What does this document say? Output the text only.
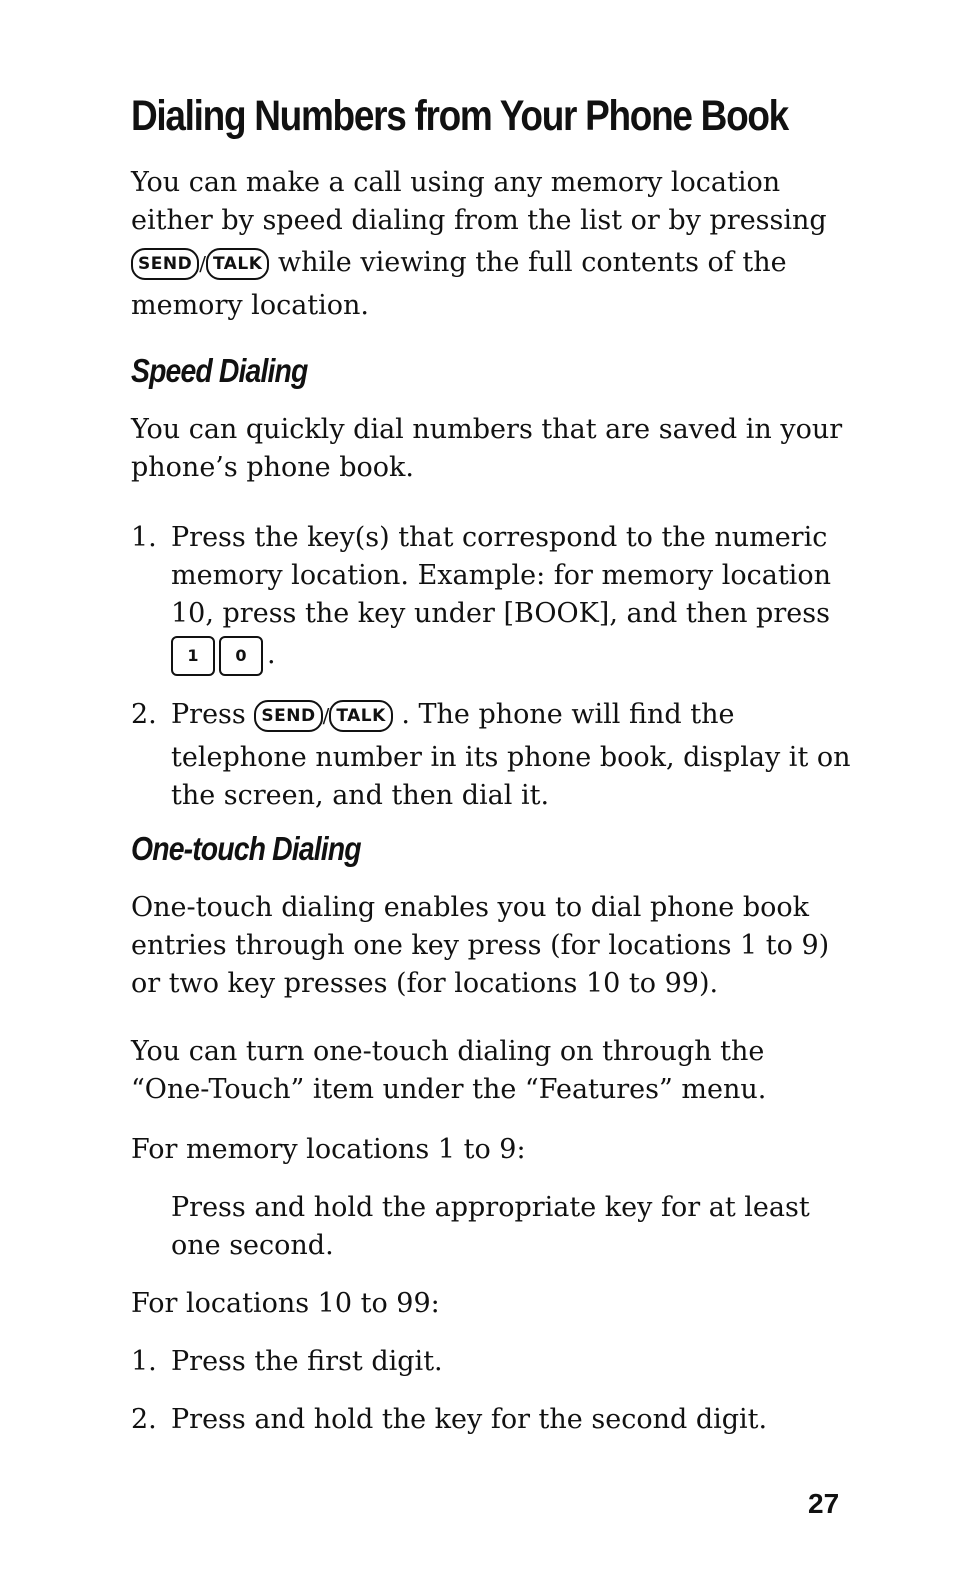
Dialing Numbers from Your Phone Book

You can make a call using any memory location

either by speed dialing from the list or by pressing

SEND / TALK while viewing the full contents of the

memory location.

Speed Dialing

You can quickly dial numbers that are saved in your

phone’s phone book.

1. Press the key(s) that correspond to the numeric

memory location. Example: for memory location

10, press the key under [BOOK], and then press

1 0 .

2. Press SEND / TALK . The phone will find the

telephone number in its phone book, display it on

the screen, and then dial it.

One-touch Dialing

One-touch dialing enables you to dial phone book

entries through one key press (for locations 1 to 9)

or two key presses (for locations 10 to 99).

You can turn one-touch dialing on through the

“One-Touch” item under the “Features” menu.

For memory locations 1 to 9:

Press and hold the appropriate key for at least

one second.

For locations 10 to 99:
1. Press the first digit.
2. Press and hold the key for the second digit.
27
